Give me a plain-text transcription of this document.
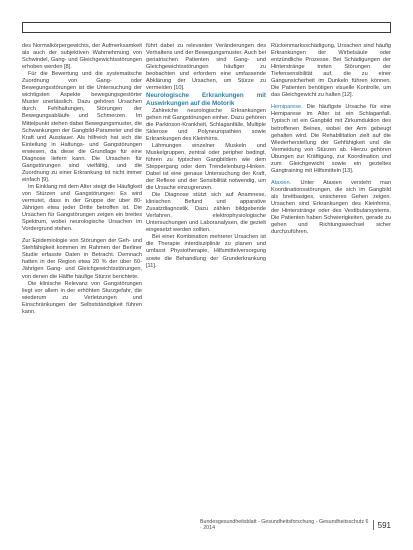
des Normalkörpergewichts, der Aufmerksamkeit als auch der subjektiven Wahrnehmung von Schwindel, Gang- und Gleichgewichtsstörungen erhoben werden [8].

Für die Bewertung und die systematische Zuordnung von Gang- oder Bewegungsstörungen ist die Untersuchung der wichtigsten Aspekte bewegungsgestörter Muster unerlässlich. Dazu gehören Ursachen durch Fehlhaltungen, Störungen der Bewegungsabläufe und Schmerzen. Im Mittelpunkt stehen dabei Bewegungsmuster, die Schwankungen der Gangbild-Parameter und die Kraft und Ausdauer. Als hilfreich hat sich die Einteilung in Haltungs- und Gangstörungen erwiesen, da diese die Grundlage für eine Diagnose liefern kann. Die Ursachen für Gangstörungen sind vielfältig, und die Zuordnung zu einer Erkrankung ist nicht immer einfach [9].

Im Einklang mit dem Alter steigt die Häufigkeit von Stürzen und Gangstörungen: Es wird vermutet, dass in der Gruppe der über 80-Jährigen etwa jeder Dritte betroffen ist. Die Ursachen für Gangstörungen zeigen ein breites Spektrum, wobei neurologische Ursachen im Vordergrund stehen.

Zur Epidemiologie von Störungen der Geh- und Stehfähigkeit kommen im Rahmen der Berliner Studie erfasste Daten in Betracht. Demnach hatten in der Region etwa 20 % der über 60-Jährigen Gang- und Gleichgewichtsstörungen, von denen die Hälfte häufige Stürze berichtete.

Die klinische Relevanz von Gangstörungen liegt vor allem in der erhöhten Sturzgefahr, die wiederum zu Verletzungen und Einschränkungen der Selbstständigkeit führen kann.

führt dabei zu relevanten Veränderungen des Verhaltens und der Bewegungsmuster. Auch bei geriatrischen Patienten sind Gang- und Gleichgewichtsstörungen häufiger zu beobachten und erfordern eine umfassende Abklärung der Ursachen, um Stürze zu vermeiden [10].

Neurologische Erkrankungen mit Auswirkungen auf die Motorik

Zahlreiche neurologische Erkrankungen gehen mit Gangstörungen einher. Dazu gehören die Parkinson-Krankheit, Schlaganfälle, Multiple Sklerose und Polyneuropathien sowie Erkrankungen des Kleinhirns.

Lähmungen einzelner Muskeln und Muskelgruppen, zentral oder peripher bedingt, führen zu typischen Gangbildern wie dem Steppergang oder dem Trendelenburg-Hinken. Dabei ist eine genaue Untersuchung der Kraft, der Reflexe und der Sensibilität notwendig, um die Ursache einzugrenzen.

Die Diagnose stützt sich auf Anamnese, klinischen Befund und apparative Zusatzdiagnostik. Dazu zählen bildgebende Verfahren, elektrophysiologische Untersuchungen und Laboranalysen, die gezielt eingesetzt werden sollten.

Bei einer Kombination mehrerer Ursachen ist die Therapie interdisziplinär zu planen und umfasst Physiotherapie, Hilfsmittelversorgung sowie die Behandlung der Grunderkrankung [11].

Rückenmarksschädigung, Ursachen sind häufig Erkrankungen der Wirbelsäule oder entzündliche Prozesse. Bei Schädigungen der Hinterstränge treten Störungen der Tiefensensibilität auf, die zu einer Gangunsicherheit im Dunkeln führen können. Die Patienten benötigen visuelle Kontrolle, um das Gleichgewicht zu halten [12].

Hemiparese. Die häufigste Ursache für eine Hemiparese im Alter ist ein Schlaganfall. Typisch ist ein Gangbild mit Zirkumduktion des betroffenen Beines, wobei der Arm gebeugt gehalten wird. Die Rehabilitation zielt auf die Wiederherstellung der Gehfähigkeit und die Vermeidung von Stürzen ab. Hierzu gehören Übungen zur Kräftigung, zur Koordination und zum Gleichgewicht sowie ein gezieltes Gangtraining mit Hilfsmitteln [13].

Ataxien. Unter Ataxien versteht man Koordinationsstörungen, die sich im Gangbild als breitbasiges, unsicheres Gehen zeigen. Ursachen sind Erkrankungen des Kleinhirns, der Hinterstränge oder des Vestibularsystems. Die Patienten haben Schwierigkeiten, gerade zu gehen und Richtungswechsel sicher durchzuführen.

Bundesgesundheitsblatt - Gesundheitsforschung - Gesundheitsschutz 6 · 2014	591
